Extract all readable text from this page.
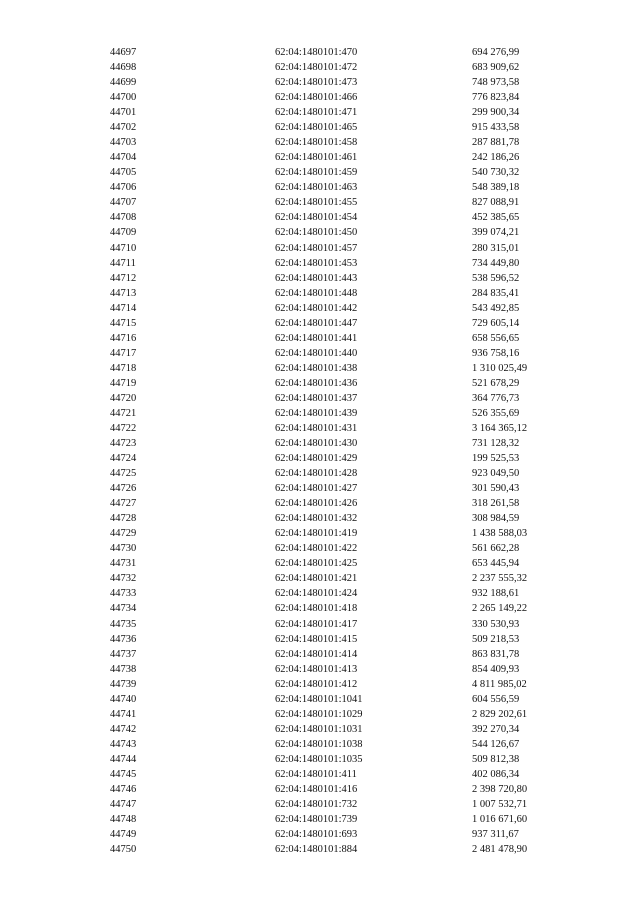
44697	62:04:1480101:470	694 276,99
44698	62:04:1480101:472	683 909,62
44699	62:04:1480101:473	748 973,58
44700	62:04:1480101:466	776 823,84
44701	62:04:1480101:471	299 900,34
44702	62:04:1480101:465	915 433,58
44703	62:04:1480101:458	287 881,78
44704	62:04:1480101:461	242 186,26
44705	62:04:1480101:459	540 730,32
44706	62:04:1480101:463	548 389,18
44707	62:04:1480101:455	827 088,91
44708	62:04:1480101:454	452 385,65
44709	62:04:1480101:450	399 074,21
44710	62:04:1480101:457	280 315,01
44711	62:04:1480101:453	734 449,80
44712	62:04:1480101:443	538 596,52
44713	62:04:1480101:448	284 835,41
44714	62:04:1480101:442	543 492,85
44715	62:04:1480101:447	729 605,14
44716	62:04:1480101:441	658 556,65
44717	62:04:1480101:440	936 758,16
44718	62:04:1480101:438	1 310 025,49
44719	62:04:1480101:436	521 678,29
44720	62:04:1480101:437	364 776,73
44721	62:04:1480101:439	526 355,69
44722	62:04:1480101:431	3 164 365,12
44723	62:04:1480101:430	731 128,32
44724	62:04:1480101:429	199 525,53
44725	62:04:1480101:428	923 049,50
44726	62:04:1480101:427	301 590,43
44727	62:04:1480101:426	318 261,58
44728	62:04:1480101:432	308 984,59
44729	62:04:1480101:419	1 438 588,03
44730	62:04:1480101:422	561 662,28
44731	62:04:1480101:425	653 445,94
44732	62:04:1480101:421	2 237 555,32
44733	62:04:1480101:424	932 188,61
44734	62:04:1480101:418	2 265 149,22
44735	62:04:1480101:417	330 530,93
44736	62:04:1480101:415	509 218,53
44737	62:04:1480101:414	863 831,78
44738	62:04:1480101:413	854 409,93
44739	62:04:1480101:412	4 811 985,02
44740	62:04:1480101:1041	604 556,59
44741	62:04:1480101:1029	2 829 202,61
44742	62:04:1480101:1031	392 270,34
44743	62:04:1480101:1038	544 126,67
44744	62:04:1480101:1035	509 812,38
44745	62:04:1480101:411	402 086,34
44746	62:04:1480101:416	2 398 720,80
44747	62:04:1480101:732	1 007 532,71
44748	62:04:1480101:739	1 016 671,60
44749	62:04:1480101:693	937 311,67
44750	62:04:1480101:884	2 481 478,90
